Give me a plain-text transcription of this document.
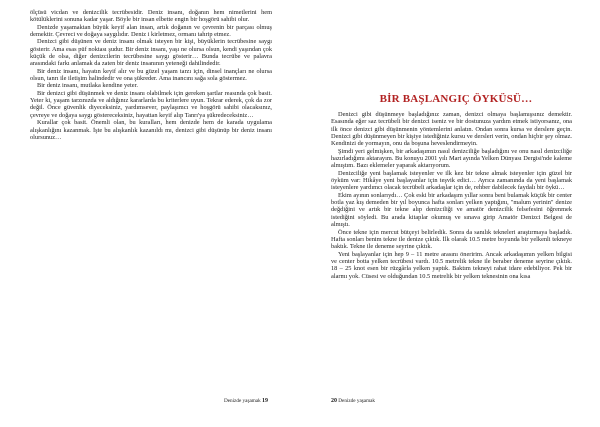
ölçüsü vicdan ve denizcilik tecrübesidir. Deniz insanı, doğanın hem nimetlerini hem kötülüklerini sonuna kadar yaşar. Böyle bir insan elbette engin bir hoşgörü sahibi olur.

Denizde yaşamaktan büyük keyif alan insan, artık doğanın ve çevrenin bir parçası olmuş demektir. Çevreci ve doğaya saygılıdır. Deniz i kirletmez, ormanı tahrip etmez.

Denizci gibi düşünen ve deniz insanı olmak isteyen bir kişi, büyüklerin tecrübesine saygı gösterir. Ama esas püf noktası şudur. Bir deniz insanı, yaşı ne olursa olsun, kendi yaşından çok küçük de olsa, diğer denizcilerin tecrübesine saygı gösterir… Bunda tecrübe ve palavra arasındaki farkı anlamak da zaten bir deniz insanının yeteneği dahilindedir.

Bir deniz insanı, hayatın keyif alır ve bu güzel yaşam tarzı için, dinsel inançları ne olursa olsun, tanrı ile iletişim halindedir ve ona şükreder. Ama inancını sağa sola göstermez.

Bir deniz insanı, mutlaka kendine yeter.

Bir denizci gibi düşünmek ve deniz insanı olabilmek için gereken şartlar reasında çok basit. Yeter ki, yaşam tarzınızda ve aldığınız kararlarda bu kriterlere uyun. Tekrar ederek, çok da zor değil. Önce güvenlik diyeceksiniz, yardımsever, paylaşımcı ve hoşgörü sahibi olacaksınız, çevreye ve doğaya saygı göstereceksiniz, hayattan keyif alıp Tanrı'ya şükredeceksiniz…

Kurallar çok basit. Önemli olan, bu kuralları, hem denizde hem de karada uygulama alışkanlığını kazanmak. İşte bu alışkanlık kazanıldı mı, denizci gibi düşünüp bir deniz insanı olursunuz…

Denizde yaşamak 19
BİR BAŞLANGIÇ ÖYKÜSÜ…

Denizci gibi düşünmeye başladığınız zaman, denizci olmaya başlamışsınız demektir. Esasında eğer saz tecrübeli bir denizci iseniz ve bir dostunuza yardım etmek istiyorsanız, ona ilk önce denizci gibi düşünmenin yöntemlerini anlatın. Ondan sonra kursa ve derslere geçin. Denizci gibi düşünmeyen bir kişiye istediğiniz kursu ve dersleri verin, ondan hiçbir şey olmaz. Kendinizi de yormayın, onu da boşuna heveslendirmeyin.

Şimdi yeri gelmişken, bir arkadaşımın nasıl denizciliğe başladığını ve onu nasıl denizciliğe hazırladığımı aktarayım. Bu konuyu 2001 yılı Mart ayında Yelken Dünyası Dergisi'nde kaleme almıştım. Bazı eklemeler yaparak aktarıyorum.

Denizciliğe yeni başlamak isteyenler ve ilk kez bir tekne almak isteyenler için güzel bir öyküm var: Hikâye yeni başlayanlar için teşvik edici… Ayrıca zamanında da yeni başlamak isteyenlere yardımcı olacak tecrübeli arkadaşlar için de, rehber dabilecek faydalı bir öykü…

Ekim ayının sonlarıydı… Çok eski bir arkadaşım yıllar sonra beni bulamak küçük bir center botla yaz kış demeden bir yıl boyunca hafta sonları yelken yaptığını, "malum yerinin" denize değdiğini ve artık bir tekne alıp denizciliği ve amatör denizcilik felsefesini öğrenmek istediğini söyledi. Bu arada kitaplar okumuş ve sınava girip Amatör Denizci Belgesi de almıştı.

Önce tekne için mercut bütçeyi belirledik. Sonra da sanılık tekneleri araştırmaya başladık. Hafta sonları benim tekne ile denize çıktık. İlk olarak 10.5 metre boyunda bir yelkenli tekneye baktık. Tekne ile deneme seyrine çıktık.

Yeni başlayanlar için hep 9 – 11 metre arasını öneririm. Ancak arkadaşımın yelken bilgisi ve center botta yelken tecrübesi vardı. 10.5 metrelik tekne ile beraber deneme seyrine çıktık. 18 – 25 knot esen bir rüzgârla yelken yaptık. Baktım tekneyi rahat idare edebiliyor. Pek bir alarmı yok. Cüsesi ve olduğundan 10.5 metrelik bir yelken teknesinin ona kısa

20 Denizde yaşamak
